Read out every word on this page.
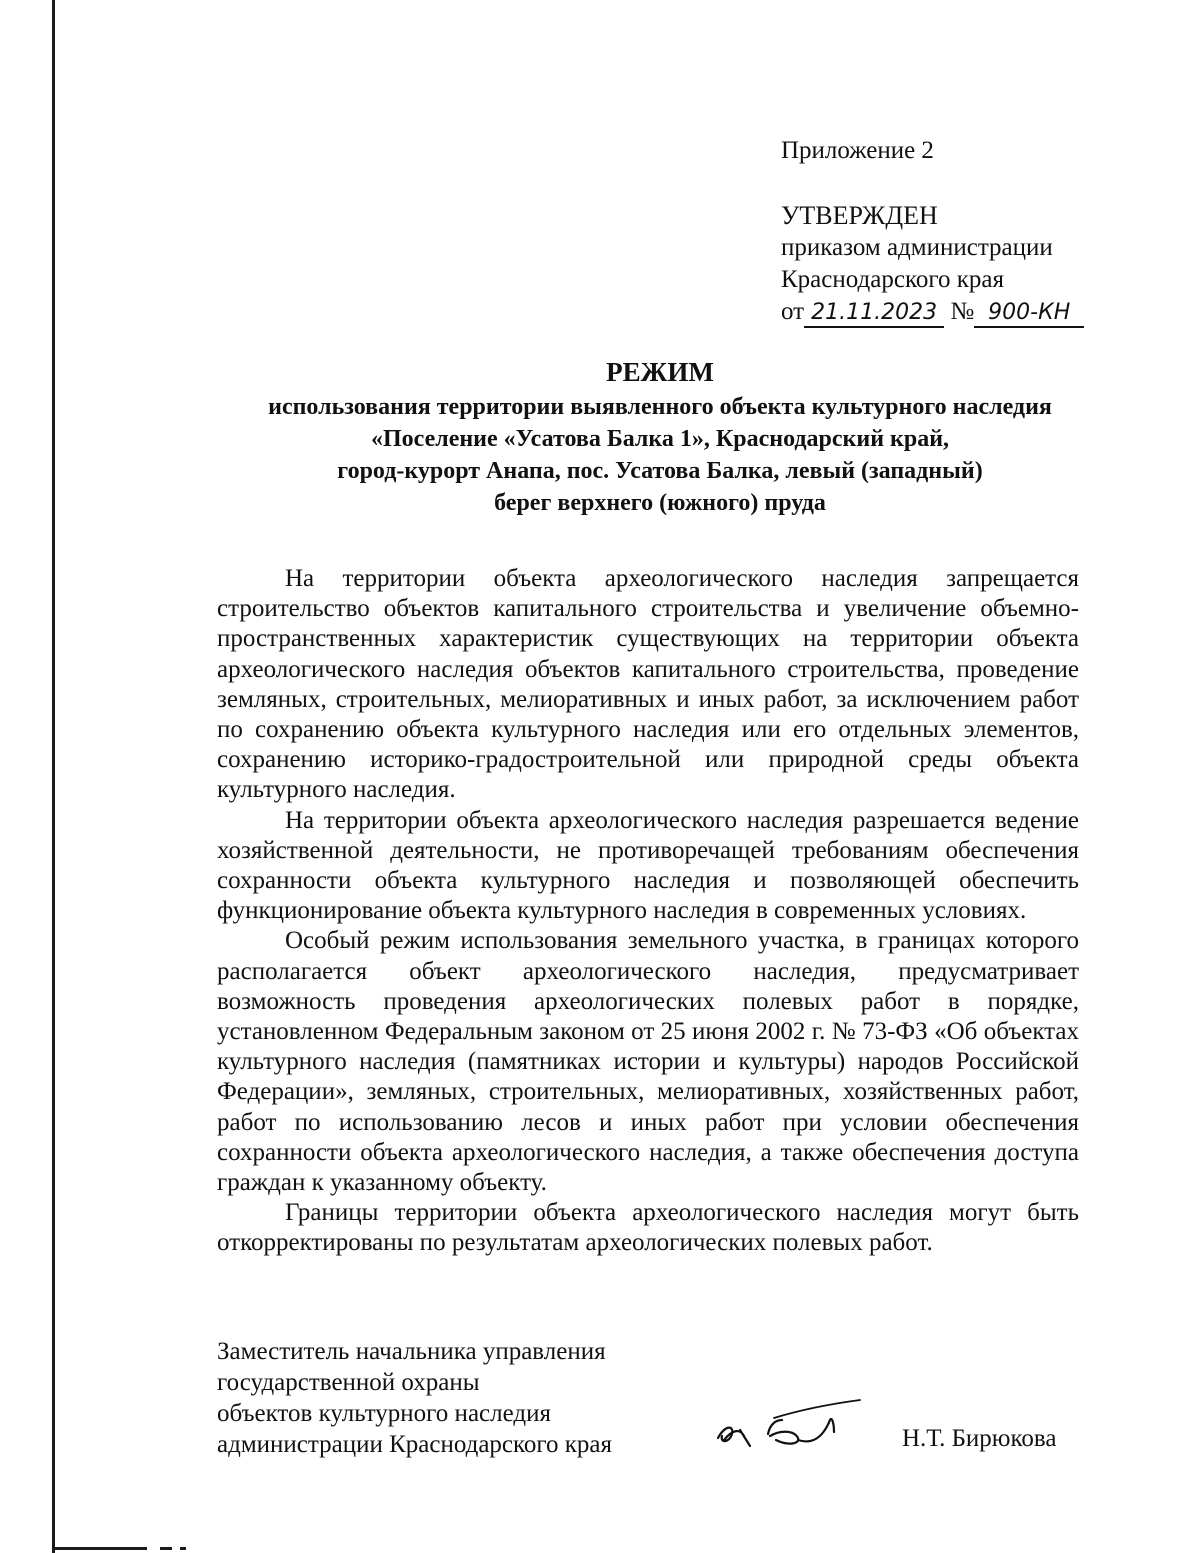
Приложение 2
УТВЕРЖДЕН
приказом администрации
Краснодарского края
от 21.11.2023 № 900-КН
РЕЖИМ
использования территории выявленного объекта культурного наследия
«Поселение «Усатова Балка 1», Краснодарский край,
город-курорт Анапа, пос. Усатова Балка, левый (западный)
берег верхнего (южного) пруда

На территории объекта археологического наследия запрещается строительство объектов капитального строительства и увеличение объемно-пространственных характеристик существующих на территории объекта археологического наследия объектов капитального строительства, проведение земляных, строительных, мелиоративных и иных работ, за исключением работ по сохранению объекта культурного наследия или его отдельных элементов, сохранению историко-градостроительной или природной среды объекта культурного наследия.

На территории объекта археологического наследия разрешается ведение хозяйственной деятельности, не противоречащей требованиям обеспечения сохранности объекта культурного наследия и позволяющей обеспечить функционирование объекта культурного наследия в современных условиях.

Особый режим использования земельного участка, в границах которого располагается объект археологического наследия, предусматривает возможность проведения археологических полевых работ в порядке, установленном Федеральным законом от 25 июня 2002 г. № 73-ФЗ «Об объектах культурного наследия (памятниках истории и культуры) народов Российской Федерации», земляных, строительных, мелиоративных, хозяйственных работ, работ по использованию лесов и иных работ при условии обеспечения сохранности объекта археологического наследия, а также обеспечения доступа граждан к указанному объекту.

Границы территории объекта археологического наследия могут быть откорректированы по результатам археологических полевых работ.

Заместитель начальника управления
государственной охраны
объектов культурного наследия
администрации Краснодарского края	Н.Т. Бирюкова
